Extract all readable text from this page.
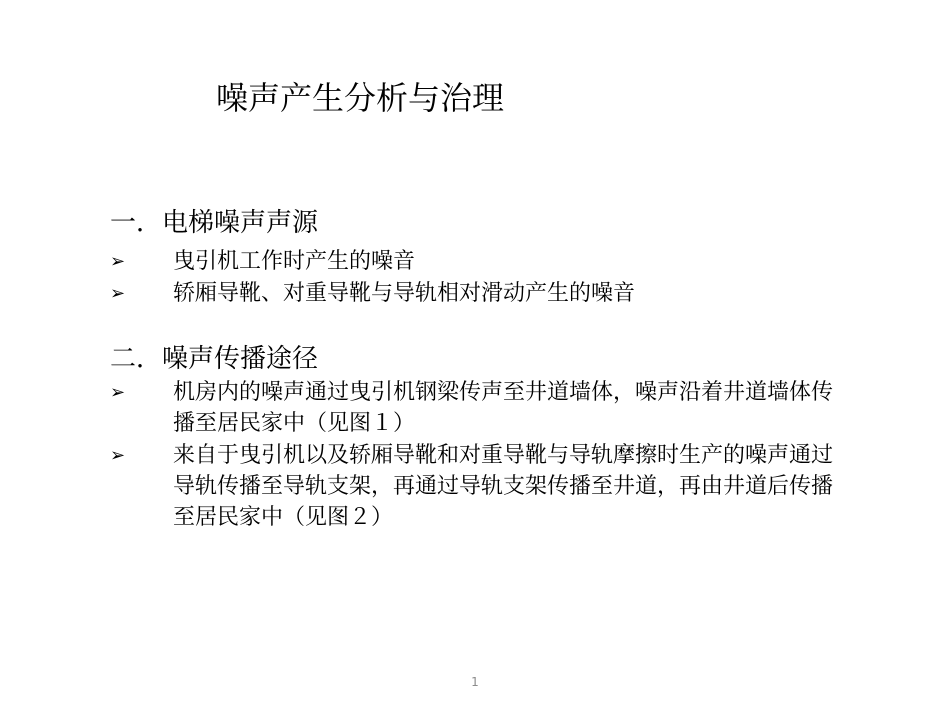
噪声产生分析与治理
一．电梯噪声声源
➢	曳引机工作时产生的噪音
➢	轿厢导靴、对重导靴与导轨相对滑动产生的噪音
二．噪声传播途径
➢	机房内的噪声通过曳引机钢梁传声至井道墙体，噪声沿着井道墙体传播至居民家中（见图１）
➢	来自于曳引机以及轿厢导靴和对重导靴与导轨摩擦时生产的噪声通过导轨传播至导轨支架，再通过导轨支架传播至井道，再由井道后传播至居民家中（见图２）
1
